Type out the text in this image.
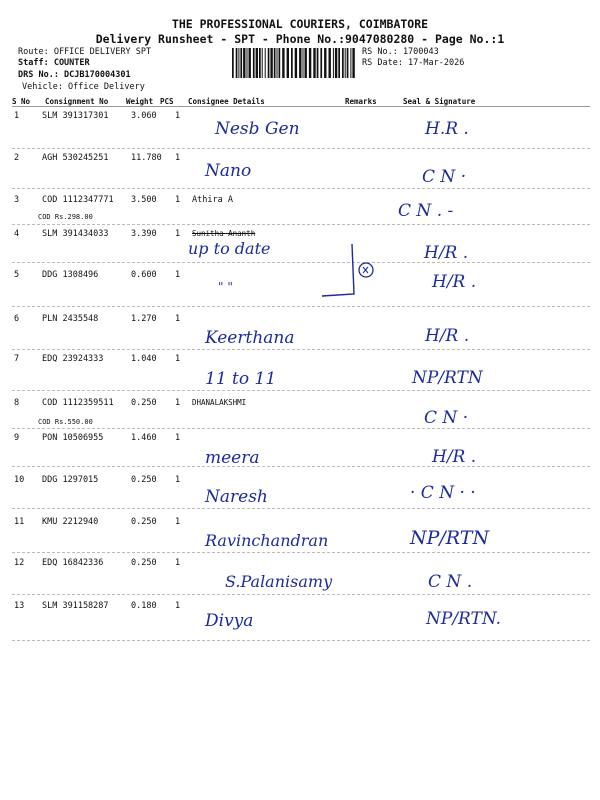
THE PROFESSIONAL COURIERS, COIMBATORE
Delivery Runsheet - SPT - Phone No.:9047080280 - Page No.:1
Route: OFFICE DELIVERY SPT
Staff: COUNTER
DRS No.: DCJB170004301
Vehicle: Office Delivery
RS No.: 1700043
RS Date: 17-Mar-2026
S No Consignment No Weight PCS Consignee Details	Remarks	Seal & Signature
1	SLM 391317301	3.060 1
Nesb Gen	H.R .
2	AGH 530245251	11.780 1
Nano	C N ·
3	COD 1112347771 3.500 1 Athira A
COD Rs.298.00	C N . -
4	SLM 391434033	3.390 1 Sunitha Ananth
up to date	H/R .
5	DDG 1308496	0.600 1
" "	H/R .
6	PLN 2435548	1.270 1
Keerthana	H/R .
7	EDQ 23924333	1.040 1
11 to 11	NP/RTN
8	COD 1112359511 0.250 1 DHANALAKSHMI
COD Rs.550.00	C N ·
9	PON 10506955	1.460 1
meera	H/R .
10 DDG 1297015	0.250 1
Naresh	· C N · ·
11 KMU 2212940	0.250 1
Ravinchandran	NP/RTN
12 EDQ 16842336	0.250 1
S.Palanisamy	C N .
13 SLM 391158287	0.180 1
Divya	NP/RTN.
